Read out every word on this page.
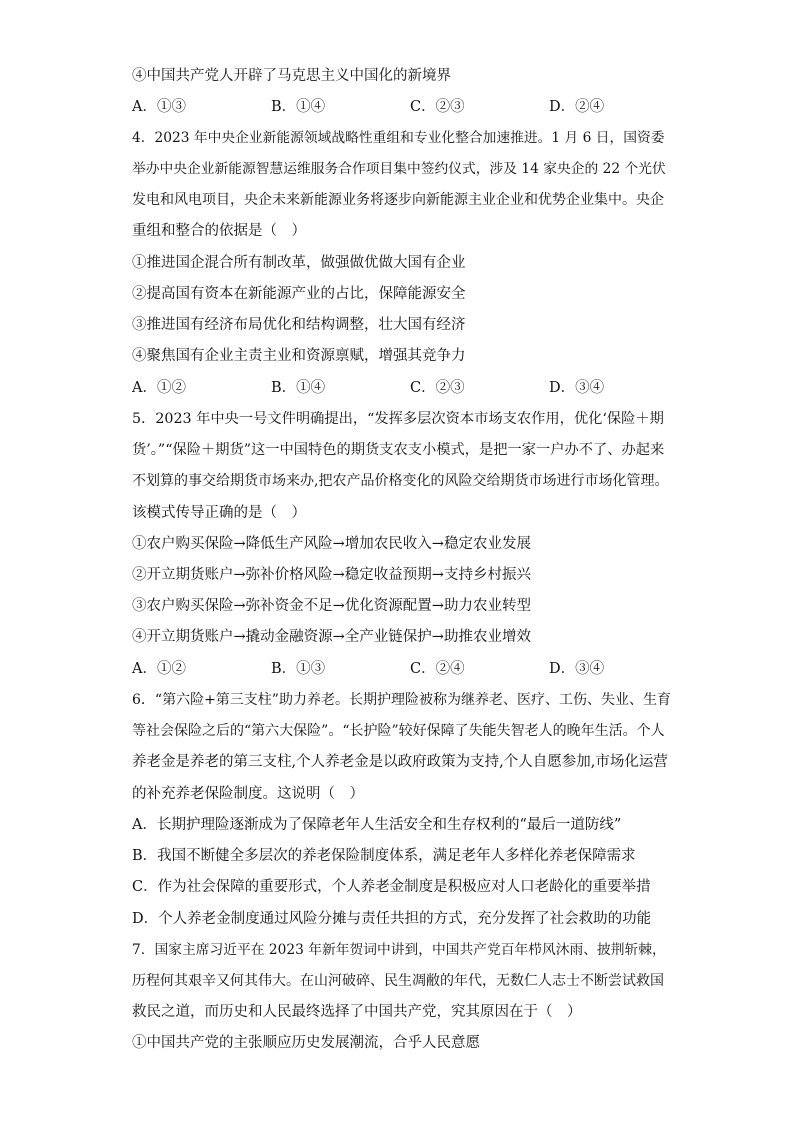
④中国共产党人开辟了马克思主义中国化的新境界
A．①③	B．①④	C．②③	D．②④
4．2023 年中央企业新能源领域战略性重组和专业化整合加速推进。1 月 6 日，国资委
举办中央企业新能源智慧运维服务合作项目集中签约仪式，涉及 14 家央企的 22 个光伏
发电和风电项目，央企未来新能源业务将逐步向新能源主业企业和优势企业集中。央企
重组和整合的依据是（　）
①推进国企混合所有制改革，做强做优做大国有企业
②提高国有资本在新能源产业的占比，保障能源安全
③推进国有经济布局优化和结构调整，壮大国有经济
④聚焦国有企业主责主业和资源禀赋，增强其竞争力
A．①②	B．①④	C．②③	D．③④
5．2023 年中央一号文件明确提出，“发挥多层次资本市场支农作用，优化‘保险＋期
货’。”“保险＋期货”这一中国特色的期货支农支小模式，是把一家一户办不了、办起来
不划算的事交给期货市场来办,把农产品价格变化的风险交给期货市场进行市场化管理。
该模式传导正确的是（　）
①农户购买保险→降低生产风险→增加农民收入→稳定农业发展
②开立期货账户→弥补价格风险→稳定收益预期→支持乡村振兴
③农户购买保险→弥补资金不足→优化资源配置→助力农业转型
④开立期货账户→撬动金融资源→全产业链保护→助推农业增效
A．①②	B．①③	C．②④	D．③④
6．“第六险+第三支柱”助力养老。长期护理险被称为继养老、医疗、工伤、失业、生育
等社会保险之后的“第六大保险”。“长护险”较好保障了失能失智老人的晚年生活。个人
养老金是养老的第三支柱,个人养老金是以政府政策为支持,个人自愿参加,市场化运营
的补充养老保险制度。这说明（　）
A．长期护理险逐渐成为了保障老年人生活安全和生存权利的“最后一道防线”
B．我国不断健全多层次的养老保险制度体系，满足老年人多样化养老保障需求
C．作为社会保障的重要形式，个人养老金制度是积极应对人口老龄化的重要举措
D．个人养老金制度通过风险分摊与责任共担的方式，充分发挥了社会救助的功能
7．国家主席习近平在 2023 年新年贺词中讲到，中国共产党百年栉风沐雨、披荆斩棘，
历程何其艰辛又何其伟大。在山河破碎、民生凋敝的年代，无数仁人志士不断尝试救国
救民之道，而历史和人民最终选择了中国共产党，究其原因在于（　）
①中国共产党的主张顺应历史发展潮流，合乎人民意愿
